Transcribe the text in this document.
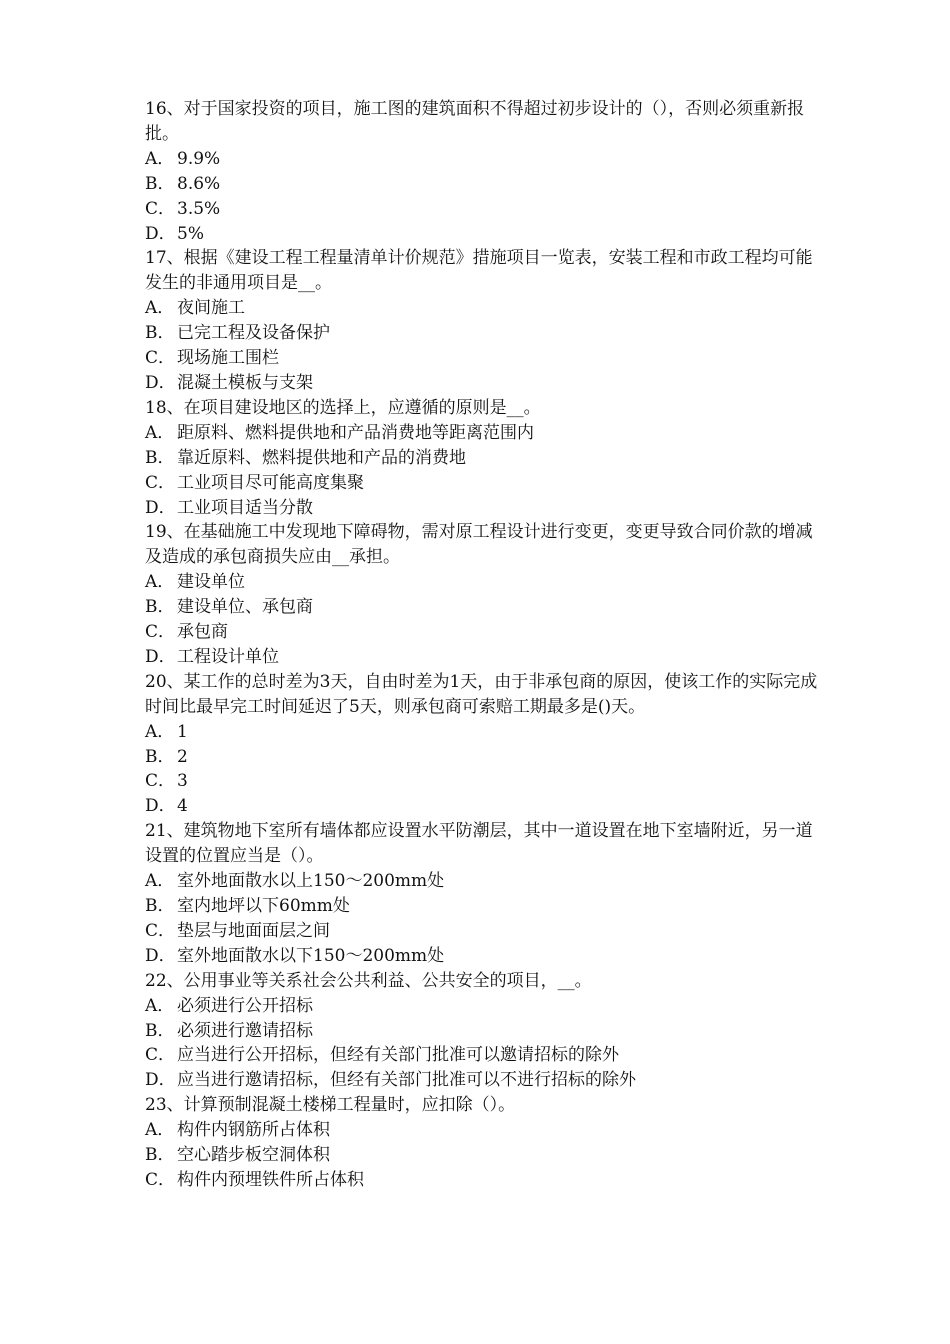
16、对于国家投资的项目，施工图的建筑面积不得超过初步设计的（），否则必须重新报批。

A． 9.9%
B． 8.6%
C． 3.5%
D．5%

17、根据《建设工程工程量清单计价规范》措施项目一览表，安装工程和市政工程均可能发生的非通用项目是__。

A． 夜间施工
B． 已完工程及设备保护
C． 现场施工围栏
D．混凝土模板与支架

18、在项目建设地区的选择上，应遵循的原则是__。

A． 距原料、燃料提供地和产品消费地等距离范围内
B． 靠近原料、燃料提供地和产品的消费地
C． 工业项目尽可能高度集聚
D．工业项目适当分散

19、在基础施工中发现地下障碍物，需对原工程设计进行变更，变更导致合同价款的增减及造成的承包商损失应由__承担。

A． 建设单位
B． 建设单位、承包商
C． 承包商
D．工程设计单位

20、某工作的总时差为3天，自由时差为1天，由于非承包商的原因，使该工作的实际完成时间比最早完工时间延迟了5天，则承包商可索赔工期最多是()天。

A． 1
B． 2
C． 3
D．4

21、建筑物地下室所有墙体都应设置水平防潮层，其中一道设置在地下室墙附近，另一道设置的位置应当是（）。

A． 室外地面散水以上150～200mm处
B． 室内地坪以下60mm处
C． 垫层与地面面层之间
D．室外地面散水以下150～200mm处

22、公用事业等关系社会公共利益、公共安全的项目，__。

A． 必须进行公开招标
B． 必须进行邀请招标
C． 应当进行公开招标，但经有关部门批准可以邀请招标的除外
D．应当进行邀请招标，但经有关部门批准可以不进行招标的除外

23、计算预制混凝土楼梯工程量时，应扣除（）。

A． 构件内钢筋所占体积
B． 空心踏步板空洞体积
C． 构件内预埋铁件所占体积
